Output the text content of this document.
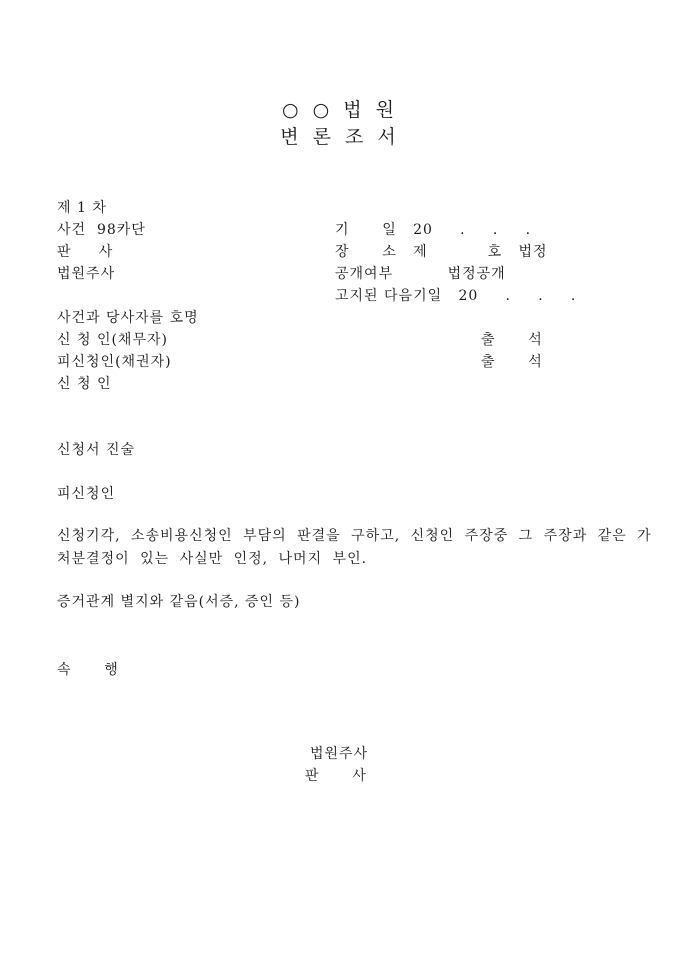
○ ○ 법 원
변 론 조 서
제 1 차
사건  98카단
판     사
법원주사
기      일   20     .     .     .
장      소   제           호   법정
공개여부          법정공개
고지된 다음기일   20     .     .     .
사건과 당사자를 호명
신 청 인(채무자)	출      석
피신청인(채권자)	출      석
신 청 인
신청서 진술
피신청인
신청기각, 소송비용신청인 부담의 판결을 구하고, 신청인 주장중 그 주장과 같은 가
처분결정이 있는 사실만 인정, 나머지 부인.
증거관계 별지와 같음(서증, 증인 등)
속      행
법원주사
판      사
